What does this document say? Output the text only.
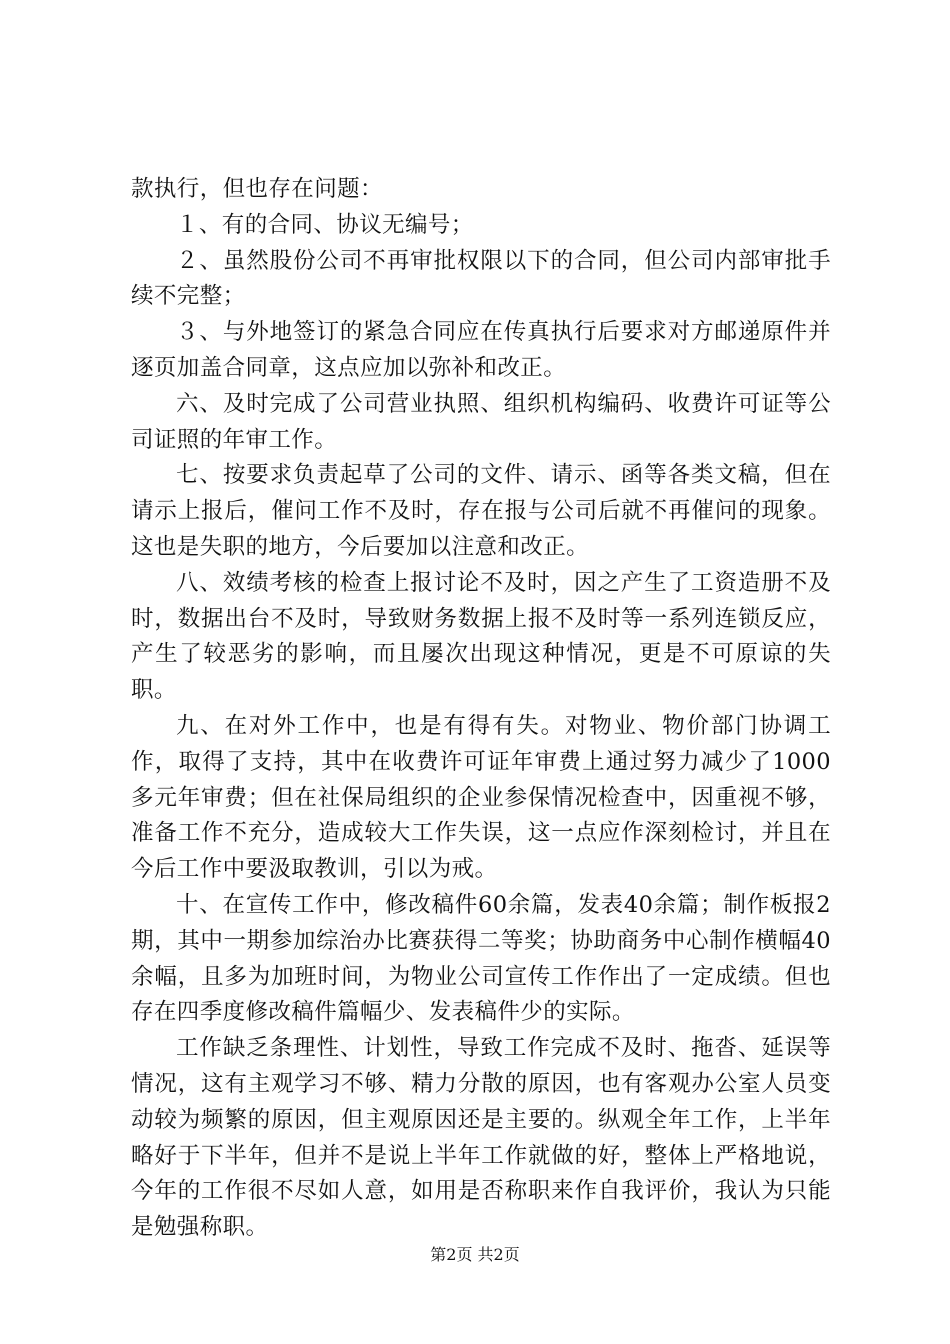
款执行，但也存在问题：

１、有的合同、协议无编号；

２、虽然股份公司不再审批权限以下的合同，但公司内部审批手续不完整；

３、与外地签订的紧急合同应在传真执行后要求对方邮递原件并逐页加盖合同章，这点应加以弥补和改正。

六、及时完成了公司营业执照、组织机构编码、收费许可证等公司证照的年审工作。

七、按要求负责起草了公司的文件、请示、函等各类文稿，但在请示上报后，催问工作不及时，存在报与公司后就不再催问的现象。这也是失职的地方，今后要加以注意和改正。

八、效绩考核的检查上报讨论不及时，因之产生了工资造册不及时，数据出台不及时，导致财务数据上报不及时等一系列连锁反应，产生了较恶劣的影响，而且屡次出现这种情况，更是不可原谅的失职。

九、在对外工作中，也是有得有失。对物业、物价部门协调工作，取得了支持，其中在收费许可证年审费上通过努力减少了1000多元年审费；但在社保局组织的企业参保情况检查中，因重视不够，准备工作不充分，造成较大工作失误，这一点应作深刻检讨，并且在今后工作中要汲取教训，引以为戒。

十、在宣传工作中，修改稿件60余篇，发表40余篇；制作板报2期，其中一期参加综治办比赛获得二等奖；协助商务中心制作横幅40余幅，且多为加班时间，为物业公司宣传工作作出了一定成绩。但也存在四季度修改稿件篇幅少、发表稿件少的实际。

工作缺乏条理性、计划性，导致工作完成不及时、拖沓、延误等情况，这有主观学习不够、精力分散的原因，也有客观办公室人员变动较为频繁的原因，但主观原因还是主要的。纵观全年工作，上半年略好于下半年，但并不是说上半年工作就做的好，整体上严格地说，今年的工作很不尽如人意，如用是否称职来作自我评价，我认为只能是勉强称职。

第2页 共2页
